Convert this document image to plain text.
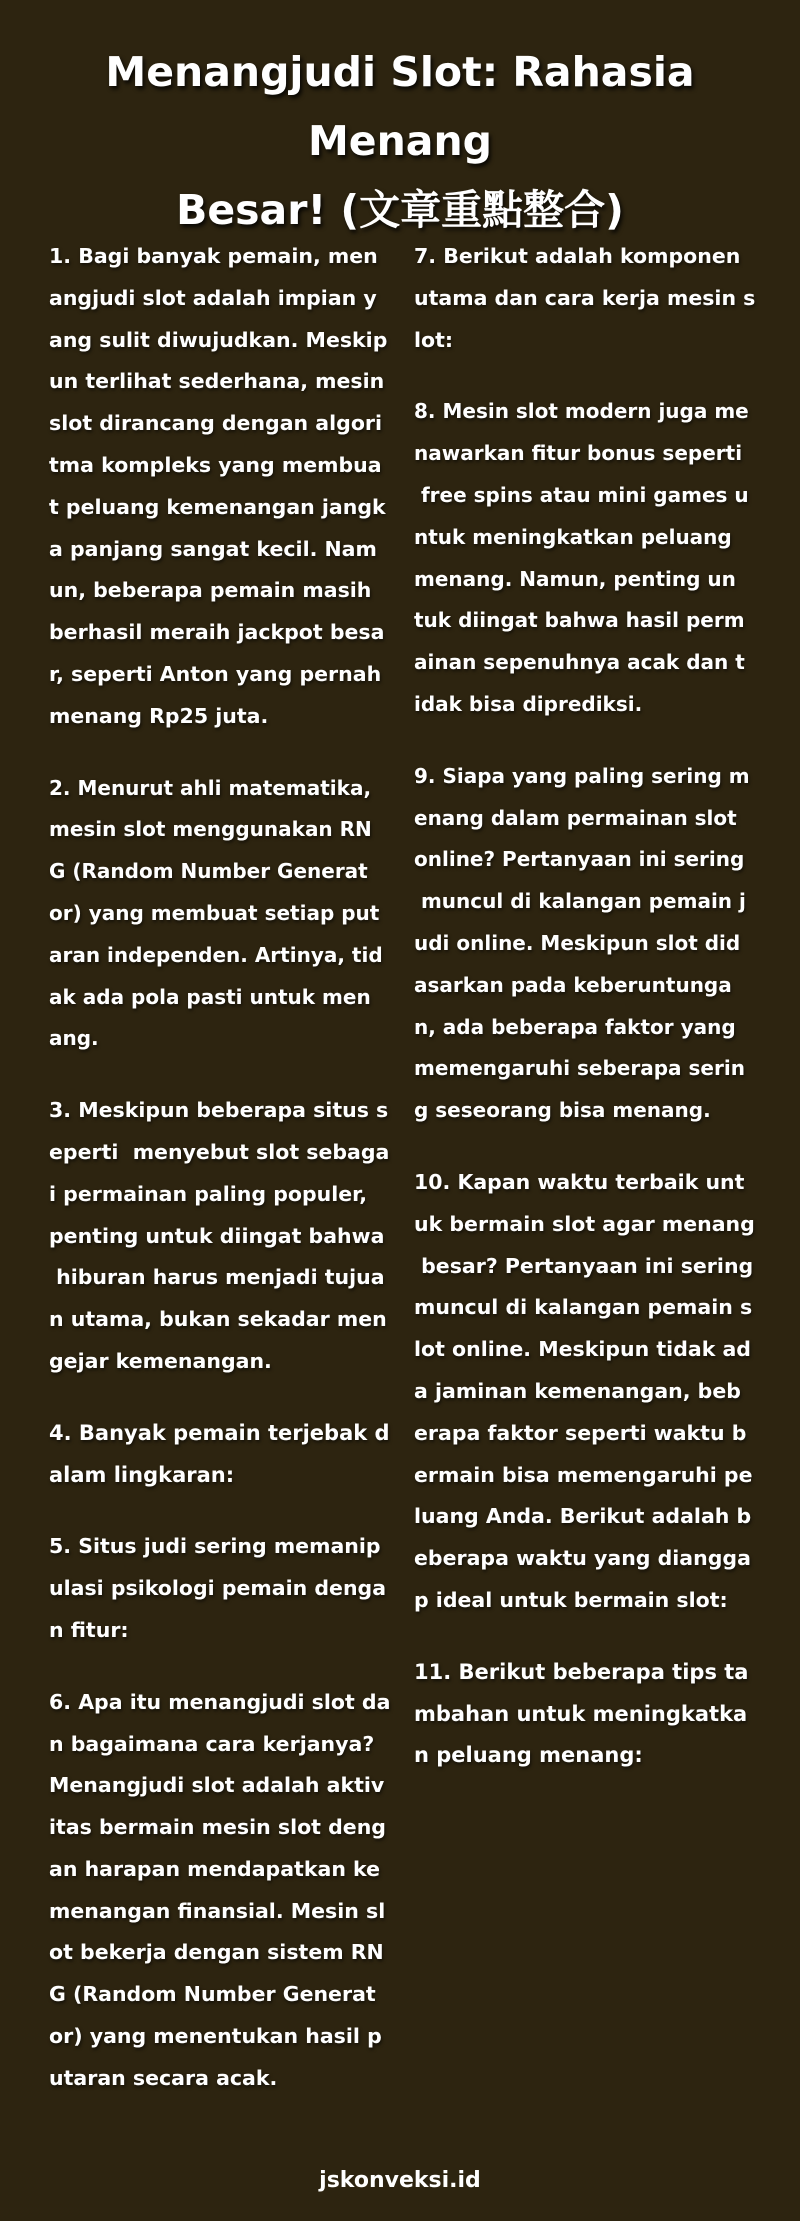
Menangjudi Slot: Rahasia Menang
Besar! (文章重點整合)

1. Bagi banyak pemain, men
angjudi slot adalah impian y
ang sulit diwujudkan. Meskip
un terlihat sederhana, mesin
slot dirancang dengan algori
tma kompleks yang membua
t peluang kemenangan jangk
a panjang sangat kecil. Nam
un, beberapa pemain masih
berhasil meraih jackpot besa
r, seperti Anton yang pernah
menang Rp25 juta.

2. Menurut ahli matematika,
mesin slot menggunakan RN
G (Random Number Generat
or) yang membuat setiap put
aran independen. Artinya, tid
ak ada pola pasti untuk men
ang.

3. Meskipun beberapa situs s
eperti  menyebut slot sebaga
i permainan paling populer,
penting untuk diingat bahwa
hiburan harus menjadi tujua
n utama, bukan sekadar men
gejar kemenangan.

4. Banyak pemain terjebak d
alam lingkaran:

5. Situs judi sering memanip
ulasi psikologi pemain denga
n fitur:

6. Apa itu menangjudi slot da
n bagaimana cara kerjanya?
Menangjudi slot adalah aktiv
itas bermain mesin slot deng
an harapan mendapatkan ke
menangan finansial. Mesin sl
ot bekerja dengan sistem RN
G (Random Number Generat
or) yang menentukan hasil p
utaran secara acak.

7. Berikut adalah komponen
utama dan cara kerja mesin s
lot:

8. Mesin slot modern juga me
nawarkan fitur bonus seperti
free spins atau mini games u
ntuk meningkatkan peluang
menang. Namun, penting un
tuk diingat bahwa hasil perm
ainan sepenuhnya acak dan t
idak bisa diprediksi.

9. Siapa yang paling sering m
enang dalam permainan slot
online? Pertanyaan ini sering
muncul di kalangan pemain j
udi online. Meskipun slot did
asarkan pada keberuntunga
n, ada beberapa faktor yang
memengaruhi seberapa serin
g seseorang bisa menang.

10. Kapan waktu terbaik unt
uk bermain slot agar menang
besar? Pertanyaan ini sering
muncul di kalangan pemain s
lot online. Meskipun tidak ad
a jaminan kemenangan, beb
erapa faktor seperti waktu b
ermain bisa memengaruhi pe
luang Anda. Berikut adalah b
eberapa waktu yang diangga
p ideal untuk bermain slot:

11. Berikut beberapa tips ta
mbahan untuk meningkatka
n peluang menang:

jskonveksi.id
